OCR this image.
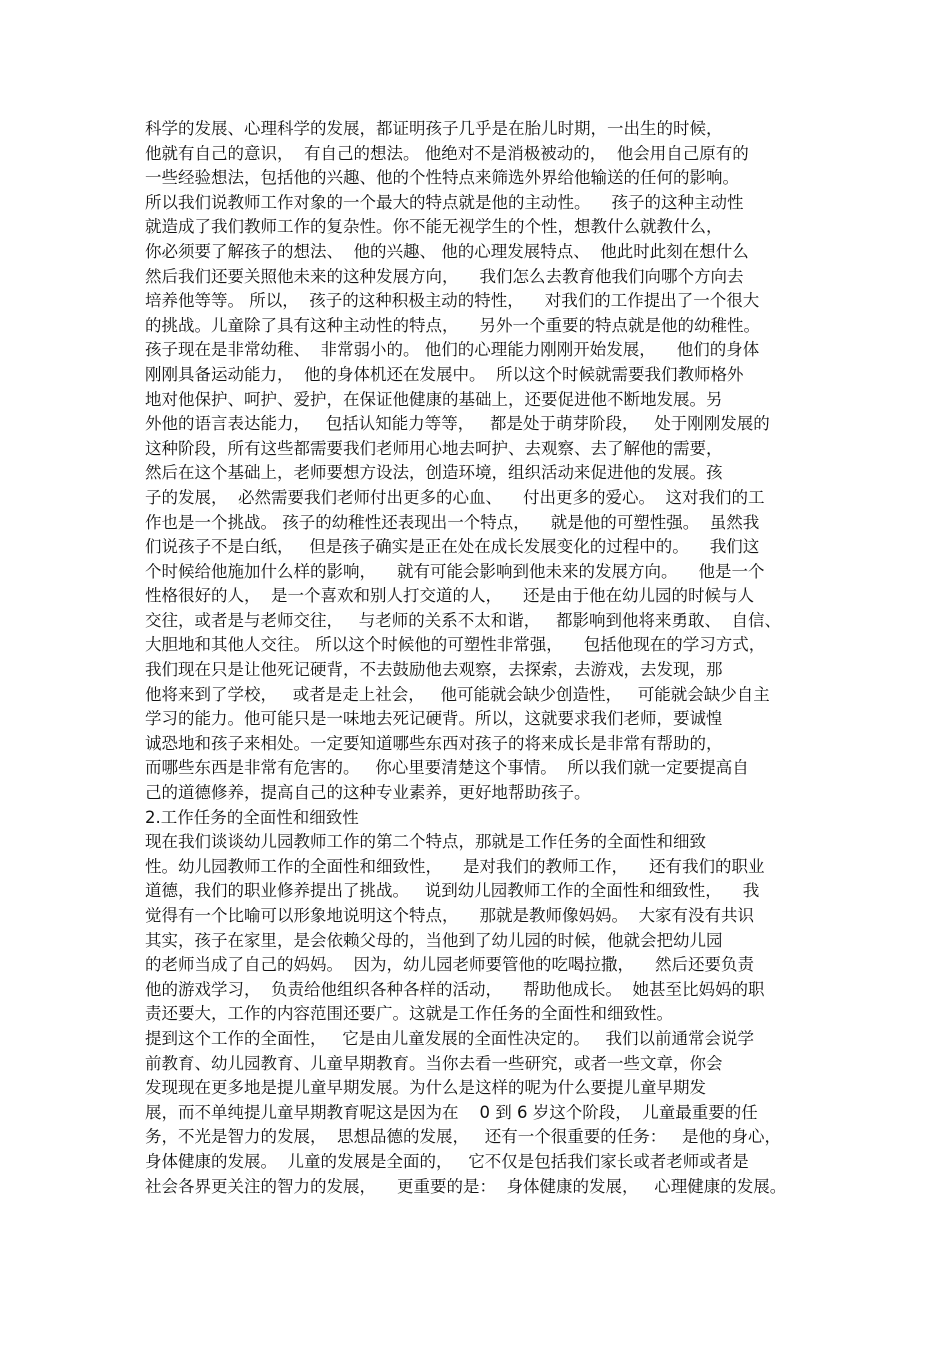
科学的发展、心理科学的发展，都证明孩子几乎是在胎儿时期，一出生的时候，
他就有自己的意识，  有自己的想法。 他绝对不是消极被动的，  他会用自己原有的
一些经验想法，包括他的兴趣、他的个性特点来筛选外界给他输送的任何的影响。
所以我们说教师工作对象的一个最大的特点就是他的主动性。    孩子的这种主动性
就造成了我们教师工作的复杂性。你不能无视学生的个性，想教什么就教什么，
你必须要了解孩子的想法、  他的兴趣、 他的心理发展特点、  他此时此刻在想什么
然后我们还要关照他未来的这种发展方向，    我们怎么去教育他我们向哪个方向去
培养他等等。 所以，  孩子的这种积极主动的特性，    对我们的工作提出了一个很大
的挑战。儿童除了具有这种主动性的特点，    另外一个重要的特点就是他的幼稚性。
孩子现在是非常幼稚、  非常弱小的。 他们的心理能力刚刚开始发展，    他们的身体
刚刚具备运动能力，  他的身体机还在发展中。  所以这个时候就需要我们教师格外
地对他保护、呵护、爱护，在保证他健康的基础上，还要促进他不断地发展。另
外他的语言表达能力，   包括认知能力等等，   都是处于萌芽阶段，   处于刚刚发展的
这种阶段，所有这些都需要我们老师用心地去呵护、去观察、去了解他的需要，
然后在这个基础上，老师要想方设法，创造环境，组织活动来促进他的发展。孩
子的发展，  必然需要我们老师付出更多的心血、    付出更多的爱心。  这对我们的工
作也是一个挑战。 孩子的幼稚性还表现出一个特点，    就是他的可塑性强。  虽然我
们说孩子不是白纸，   但是孩子确实是正在处在成长发展变化的过程中的。    我们这
个时候给他施加什么样的影响，    就有可能会影响到他未来的发展方向。    他是一个
性格很好的人，  是一个喜欢和别人打交道的人，    还是由于他在幼儿园的时候与人
交往，或者是与老师交往，   与老师的关系不太和谐，   都影响到他将来勇敢、  自信、
大胆地和其他人交往。 所以这个时候他的可塑性非常强，    包括他现在的学习方式，
我们现在只是让他死记硬背，不去鼓励他去观察，去探索，去游戏，去发现，那
他将来到了学校，   或者是走上社会，   他可能就会缺少创造性，   可能就会缺少自主
学习的能力。他可能只是一味地去死记硬背。所以，这就要求我们老师，要诚惶
诚恐地和孩子来相处。一定要知道哪些东西对孩子的将来成长是非常有帮助的，
而哪些东西是非常有危害的。   你心里要清楚这个事情。  所以我们就一定要提高自
己的道德修养，提高自己的这种专业素养，更好地帮助孩子。
2.工作任务的全面性和细致性
现在我们谈谈幼儿园教师工作的第二个特点，那就是工作任务的全面性和细致
性。幼儿园教师工作的全面性和细致性，    是对我们的教师工作，    还有我们的职业
道德，我们的职业修养提出了挑战。   说到幼儿园教师工作的全面性和细致性，    我
觉得有一个比喻可以形象地说明这个特点，    那就是教师像妈妈。  大家有没有共识
其实，孩子在家里，是会依赖父母的，当他到了幼儿园的时候，他就会把幼儿园
的老师当成了自己的妈妈。  因为，幼儿园老师要管他的吃喝拉撒，    然后还要负责
他的游戏学习，  负责给他组织各种各样的活动，    帮助他成长。  她甚至比妈妈的职
责还要大，工作的内容范围还要广。这就是工作任务的全面性和细致性。
提到这个工作的全面性，   它是由儿童发展的全面性决定的。   我们以前通常会说学
前教育、幼儿园教育、儿童早期教育。当你去看一些研究，或者一些文章，你会
发现现在更多地是提儿童早期发展。为什么是这样的呢为什么要提儿童早期发
展，而不单纯提儿童早期教育呢这是因为在    0 到 6 岁这个阶段，  儿童最重要的任
务，不光是智力的发展，  思想品德的发展，   还有一个很重要的任务：   是他的身心，
身体健康的发展。  儿童的发展是全面的，   它不仅是包括我们家长或者老师或者是
社会各界更关注的智力的发展，    更重要的是：  身体健康的发展，   心理健康的发展。
